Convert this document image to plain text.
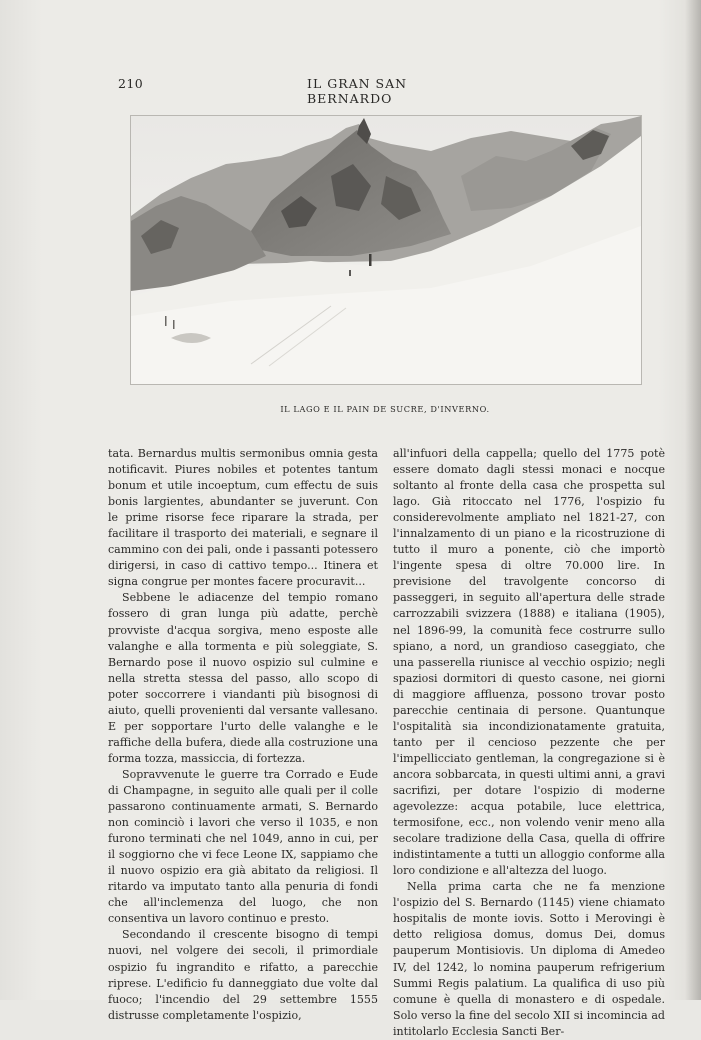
210	IL GRAN SAN BERNARDO
IL LAGO E IL PAIN DE SUCRE, D'INVERNO.

tata. Bernardus multis sermonibus omnia gesta notificavit. Piures nobiles et potentes tantum bonum et utile incoeptum, cum effectu de suis bonis largientes, abundanter se juverunt. Con le prime risorse fece riparare la strada, per facilitare il trasporto dei materiali, e segnare il cammino con dei pali, onde i passanti potessero dirigersi, in caso di cattivo tempo... Itinera et signa congrue per montes facere procuravit...

Sebbene le adiacenze del tempio romano fossero di gran lunga più adatte, perchè provviste d'acqua sorgiva, meno esposte alle valanghe e alla tormenta e più soleggiate, S. Bernardo pose il nuovo ospizio sul culmine e nella stretta stessa del passo, allo scopo di poter soccorrere i viandanti più bisognosi di aiuto, quelli provenienti dal versante vallesano. E per sopportare l'urto delle valanghe e le raffiche della bufera, diede alla costruzione una forma tozza, massiccia, di fortezza.

Sopravvenute le guerre tra Corrado e Eude di Champagne, in seguito alle quali per il colle passarono continuamente armati, S. Bernardo non cominciò i lavori che verso il 1035, e non furono terminati che nel 1049, anno in cui, per il soggiorno che vi fece Leone IX, sappiamo che il nuovo ospizio era già abitato da religiosi. Il ritardo va imputato tanto alla penuria di fondi che all'inclemenza del luogo, che non consentiva un lavoro continuo e presto.

Secondando il crescente bisogno di tempi nuovi, nel volgere dei secoli, il primordiale ospizio fu ingrandito e rifatto, a parecchie riprese. L'edificio fu danneggiato due volte dal fuoco; l'incendio del 29 settembre 1555 distrusse completamente l'ospizio,

all'infuori della cappella; quello del 1775 potè essere domato dagli stessi monaci e nocque soltanto al fronte della casa che prospetta sul lago. Già ritoccato nel 1776, l'ospizio fu considerevolmente ampliato nel 1821-27, con l'innalzamento di un piano e la ricostruzione di tutto il muro a ponente, ciò che importò l'ingente spesa di oltre 70.000 lire. In previsione del travolgente concorso di passeggeri, in seguito all'apertura delle strade carrozzabili svizzera (1888) e italiana (1905), nel 1896-99, la comunità fece costrurre sullo spiano, a nord, un grandioso caseggiato, che una passerella riunisce al vecchio ospizio; negli spaziosi dormitori di questo casone, nei giorni di maggiore affluenza, possono trovar posto parecchie centinaia di persone. Quantunque l'ospitalità sia incondizionatamente gratuita, tanto per il cencioso pezzente che per l'impellicciato gentleman, la congregazione si è ancora sobbarcata, in questi ultimi anni, a gravi sacrifizi, per dotare l'ospizio di moderne agevolezze: acqua potabile, luce elettrica, termosifone, ecc., non volendo venir meno alla secolare tradizione della Casa, quella di offrire indistintamente a tutti un alloggio conforme alla loro condizione e all'altezza del luogo.

Nella prima carta che ne fa menzione l'ospizio del S. Bernardo (1145) viene chiamato hospitalis de monte iovis. Sotto i Merovingi è detto religiosa domus, domus Dei, domus pauperum Montisiovis. Un diploma di Amedeo IV, del 1242, lo nomina pauperum refrigerium Summi Regis palatium. La qualifica di uso più comune è quella di monastero e di ospedale. Solo verso la fine del secolo XII si incomincia ad intitolarlo Ecclesia Sancti Ber-
